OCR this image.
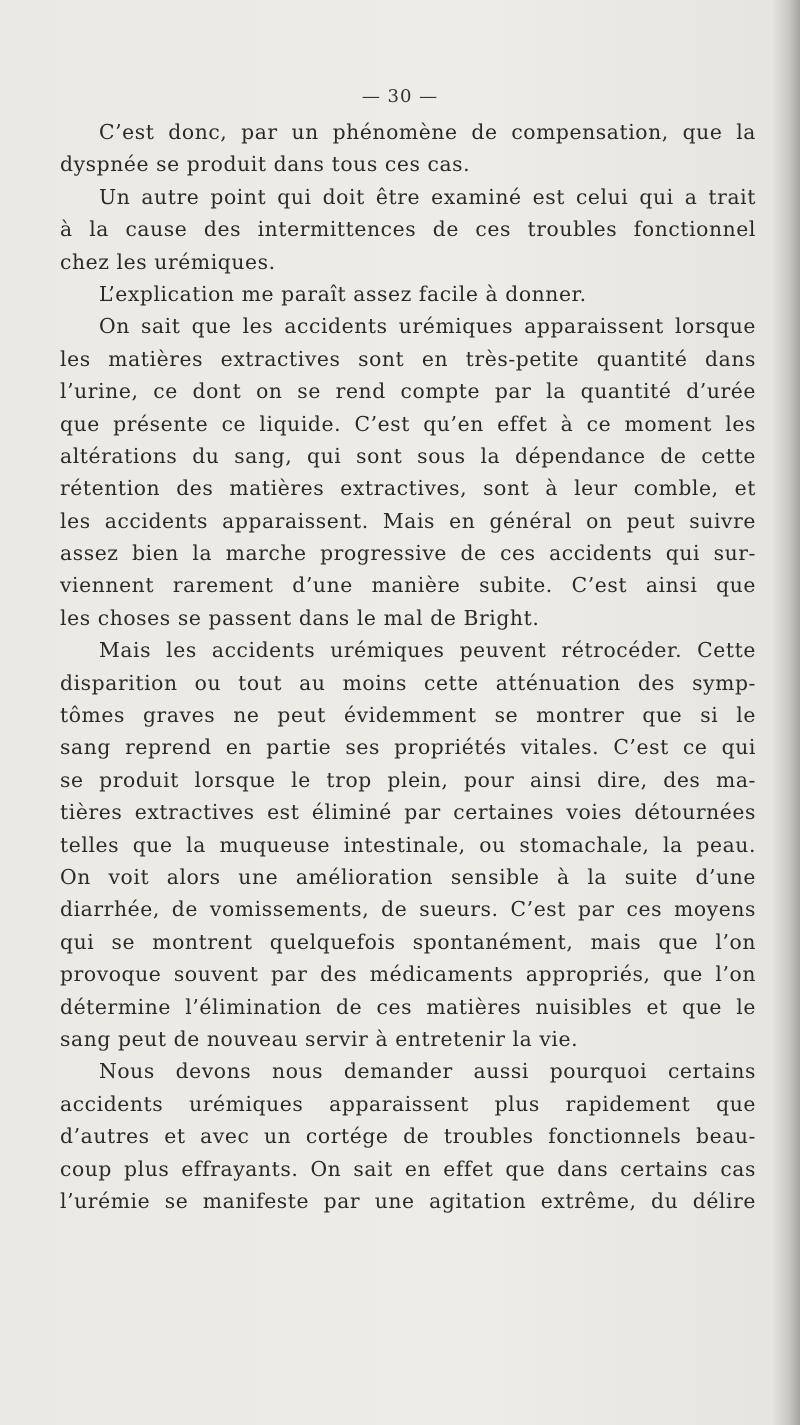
— 30 —
C’est donc, par un phénomène de compensation, que la
dyspnée se produit dans tous ces cas.
Un autre point qui doit être examiné est celui qui a trait
à la cause des intermittences de ces troubles fonctionnel
chez les urémiques.
L’explication me paraît assez facile à donner.
On sait que les accidents urémiques apparaissent lorsque
les matières extractives sont en très-petite quantité dans
l’urine, ce dont on se rend compte par la quantité d’urée
que présente ce liquide. C’est qu’en effet à ce moment les
altérations du sang, qui sont sous la dépendance de cette
rétention des matières extractives, sont à leur comble, et
les accidents apparaissent. Mais en général on peut suivre
assez bien la marche progressive de ces accidents qui sur-
viennent rarement d’une manière subite. C’est ainsi que
les choses se passent dans le mal de Bright.
Mais les accidents urémiques peuvent rétrocéder. Cette
disparition ou tout au moins cette atténuation des symp-
tômes graves ne peut évidemment se montrer que si le
sang reprend en partie ses propriétés vitales. C’est ce qui
se produit lorsque le trop plein, pour ainsi dire, des ma-
tières extractives est éliminé par certaines voies détournées
telles que la muqueuse intestinale, ou stomachale, la peau.
On voit alors une amélioration sensible à la suite d’une
diarrhée, de vomissements, de sueurs. C’est par ces moyens
qui se montrent quelquefois spontanément, mais que l’on
provoque souvent par des médicaments appropriés, que l’on
détermine l’élimination de ces matières nuisibles et que le
sang peut de nouveau servir à entretenir la vie.
Nous devons nous demander aussi pourquoi certains
accidents urémiques apparaissent plus rapidement que
d’autres et avec un cortége de troubles fonctionnels beau-
coup plus effrayants. On sait en effet que dans certains cas
l’urémie se manifeste par une agitation extrême, du délire
